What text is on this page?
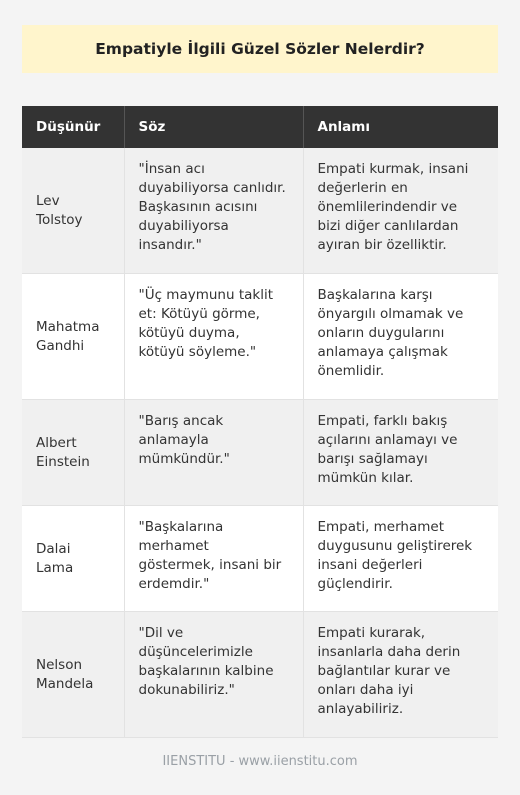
Empatiyle İlgili Güzel Sözler Nelerdir?
Düşünür	Söz	Anlamı
Lev Tolstoy	"İnsan acı duyabiliyorsa canlıdır. Başkasının acısını duyabiliyorsa insandır."	Empati kurmak, insani değerlerin en önemlilerindendir ve bizi diğer canlılardan ayıran bir özelliktir.
Mahatma Gandhi	"Üç maymunu taklit et: Kötüyü görme, kötüyü duyma, kötüyü söyleme."	Başkalarına karşı önyargılı olmamak ve onların duygularını anlamaya çalışmak önemlidir.
Albert Einstein	"Barış ancak anlamayla mümkündür."	Empati, farklı bakış açılarını anlamayı ve barışı sağlamayı mümkün kılar.
Dalai Lama	"Başkalarına merhamet göstermek, insani bir erdemdir."	Empati, merhamet duygusunu geliştirerek insani değerleri güçlendirir.
Nelson Mandela	"Dil ve düşüncelerimizle başkalarının kalbine dokunabiliriz."	Empati kurarak, insanlarla daha derin bağlantılar kurar ve onları daha iyi anlayabiliriz.
IIENSTITU - www.iienstitu.com
